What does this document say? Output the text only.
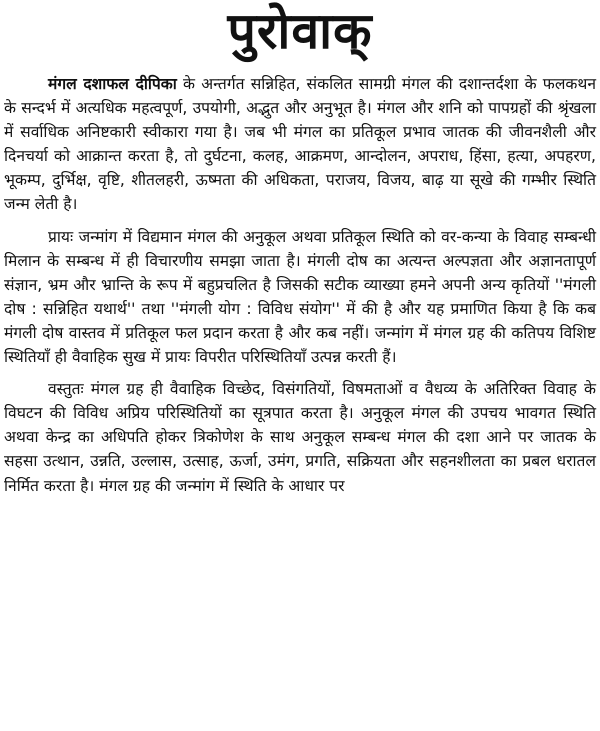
पुरोवाक्

मंगल दशाफल दीपिका के अन्तर्गत सन्निहित, संकलित सामग्री मंगल की दशान्तर्दशा के फलकथन के सन्दर्भ में अत्यधिक महत्वपूर्ण, उपयोगी, अद्भुत और अनुभूत है। मंगल और शनि को पापग्रहों की श्रृंखला में सर्वाधिक अनिष्टकारी स्वीकारा गया है। जब भी मंगल का प्रतिकूल प्रभाव जातक की जीवनशैली और दिनचर्या को आक्रान्त करता है, तो दुर्घटना, कलह, आक्रमण, आन्दोलन, अपराध, हिंसा, हत्या, अपहरण, भूकम्प, दुर्भिक्ष, वृष्टि, शीतलहरी, ऊष्मता की अधिकता, पराजय, विजय, बाढ़ या सूखे की गम्भीर स्थिति जन्म लेती है।

प्रायः जन्मांग में विद्यमान मंगल की अनुकूल अथवा प्रतिकूल स्थिति को वर-कन्या के विवाह सम्बन्धी मिलान के सम्बन्ध में ही विचारणीय समझा जाता है। मंगली दोष का अत्यन्त अल्पज्ञता और अज्ञानतापूर्ण संज्ञान, भ्रम और भ्रान्ति के रूप में बहुप्रचलित है जिसकी सटीक व्याख्या हमने अपनी अन्य कृतियों ''मंगली दोष : सन्निहित यथार्थ'' तथा ''मंगली योग : विविध संयोग'' में की है और यह प्रमाणित किया है कि कब मंगली दोष वास्तव में प्रतिकूल फल प्रदान करता है और कब नहीं। जन्मांग में मंगल ग्रह की कतिपय विशिष्ट स्थितियाँ ही वैवाहिक सुख में प्रायः विपरीत परिस्थितियाँ उत्पन्न करती हैं।

वस्तुतः मंगल ग्रह ही वैवाहिक विच्छेद, विसंगतियों, विषमताओं व वैधव्य के अतिरिक्त विवाह के विघटन की विविध अप्रिय परिस्थितियों का सूत्रपात करता है। अनुकूल मंगल की उपचय भावगत स्थिति अथवा केन्द्र का अधिपति होकर त्रिकोणेश के साथ अनुकूल सम्बन्ध मंगल की दशा आने पर जातक के सहसा उत्थान, उन्नति, उल्लास, उत्साह, ऊर्जा, उमंग, प्रगति, सक्रियता और सहनशीलता का प्रबल धरातल निर्मित करता है। मंगल ग्रह की जन्मांग में स्थिति के आधार पर
